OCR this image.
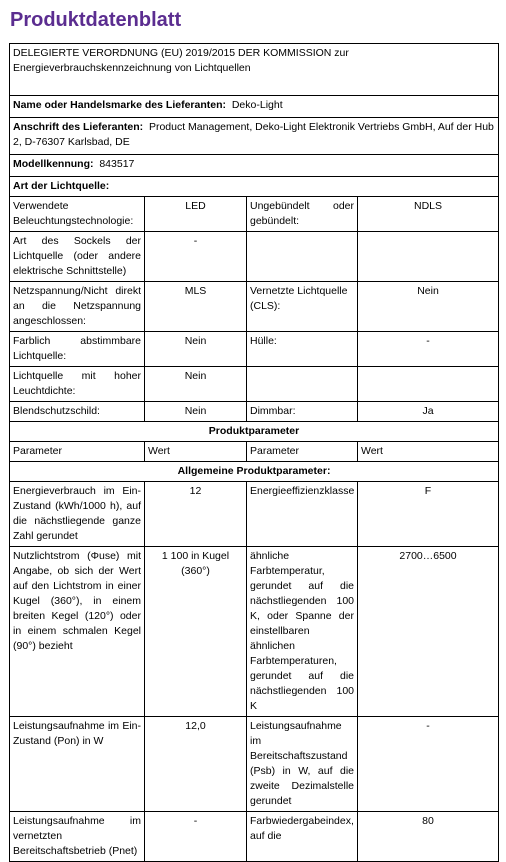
Produktdatenblatt
DELEGIERTE VERORDNUNG (EU) 2019/2015 DER KOMMISSION zur Energieverbrauchskennzeichnung von Lichtquellen			
Name oder Handelsmarke des Lieferanten: Deko-Light			
Anschrift des Lieferanten: Product Management, Deko-Light Elektronik Vertriebs GmbH, Auf der Hub 2, D-76307 Karlsbad, DE			
Modellkennung: 843517			
Art der Lichtquelle:			
Verwendete Beleuchtungstechnologie:	LED	Ungebündelt oder gebündelt:	NDLS
Art des Sockels der Lichtquelle (oder andere elektrische Schnittstelle)	-		
Netzspannung/Nicht direkt an die Netzspannung angeschlossen:	MLS	Vernetzte Lichtquelle (CLS):	Nein
Farblich abstimmbare Lichtquelle:	Nein	Hülle:	-
Lichtquelle mit hoher Leuchtdichte:	Nein		
Blendschutzschild:	Nein	Dimmbar:	Ja
Produktparameter			
Parameter	Wert	Parameter	Wert
Allgemeine Produktparameter:			
Energieverbrauch im Ein-Zustand (kWh/1000 h), auf die nächstliegende ganze Zahl gerundet	12	Energieeffizienzklasse	F
Nutzlichtstrom (Φuse) mit Angabe, ob sich der Wert auf den Lichtstrom in einer Kugel (360°), in einem breiten Kegel (120°) oder in einem schmalen Kegel (90°) bezieht	1 100 in Kugel (360°)	ähnliche Farbtemperatur, gerundet auf die nächstliegenden 100 K, oder Spanne der einstellbaren ähnlichen Farbtemperaturen, gerundet auf die nächstliegenden 100 K	2700…6500
Leistungsaufnahme im Ein-Zustand (Pon) in W	12,0	Leistungsaufnahme im Bereitschaftszustand (Psb) in W, auf die zweite Dezimalstelle gerundet	-
Leistungsaufnahme im vernetzten Bereitschaftsbetrieb (Pnet)	-	Farbwiedergabeindex, auf die	80
